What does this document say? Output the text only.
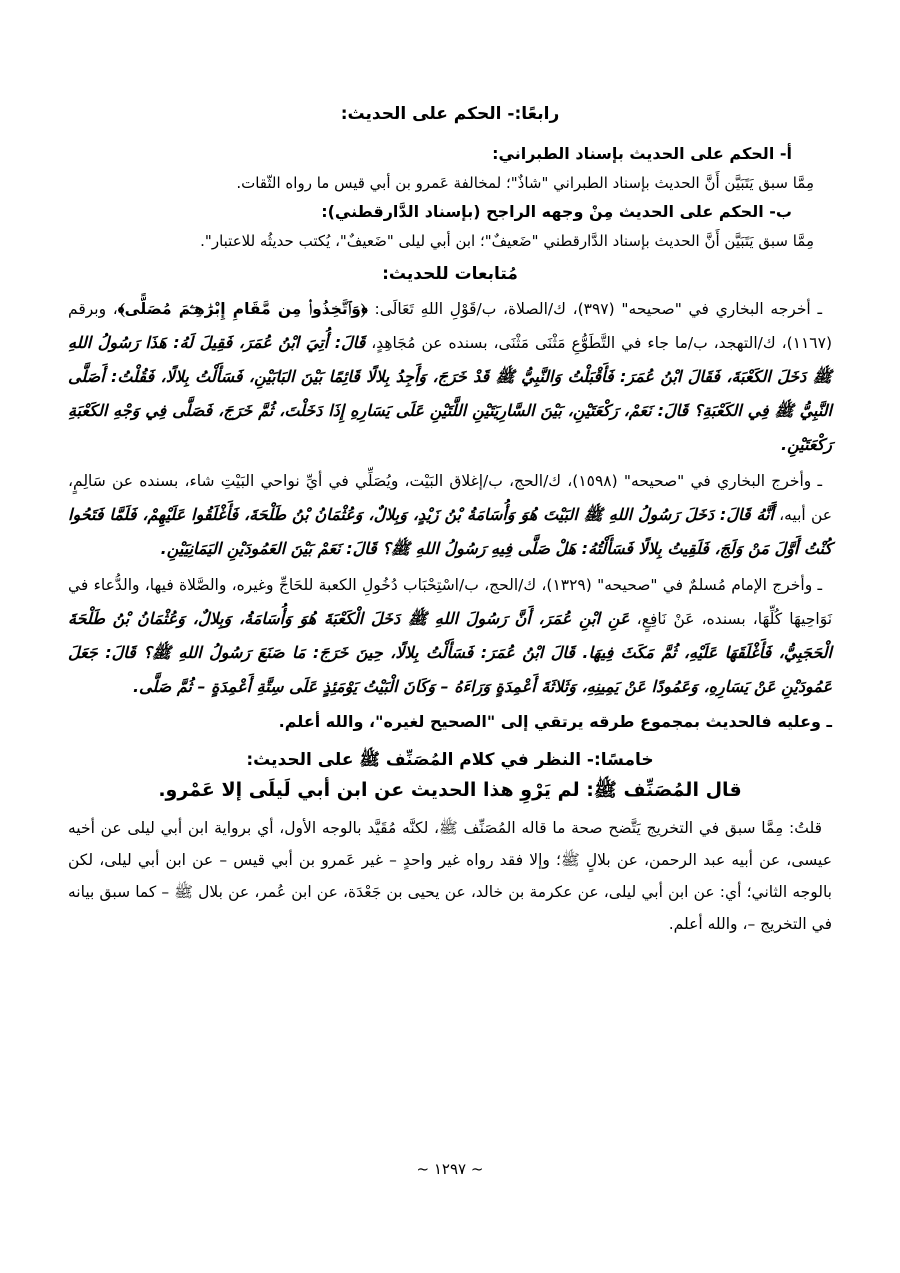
رابعًا:- الحكم على الحديث:

أ- الحكم على الحديث بإسناد الطبراني:

مِمَّا سبق يَتَبَيَّن أَنَّ الحديث بإسناد الطبراني "شاذٌ"؛ لمخالفة عَمرو بن أبي قيس ما رواه الثّقات.

ب- الحكم على الحديث مِنْ وجهه الراجح (بإسناد الدَّارقطني):

مِمَّا سبق يَتَبَيَّن أَنَّ الحديث بإسناد الدَّارقطني "ضَعيفٌ"؛ ابن أبي ليلى "ضَعيفٌ"، يُكتب حديثُه للاعتبار".

مُتابعات للحديث:

ـ أخرجه البخاري في "صحيحه" (٣٩٧)، ك/الصلاة، ب/قَوْلِ اللهِ تَعَالَى: ﴿وَٱتَّخِذُوا۟ مِن مَّقَامِ إِبْرَٰهِـۧمَ مُصَلًّى﴾، وبرقم (١١٦٧)، ك/التهجد، ب/ما جاء في التَّطَوُّعِ مَثْنَى مَثْنَى، بسنده عن مُجَاهِدٍ، قَالَ: أُتِيَ ابْنُ عُمَرَ، فَقِيلَ لَهُ: هَذَا رَسُولُ اللهِ ﷺ دَخَلَ الكَعْبَةَ، فَقَالَ ابْنُ عُمَرَ: فَأَقْبَلْتُ وَالنَّبِيُّ ﷺ قَدْ خَرَجَ، وَأَجِدُ بِلالًا قَائِمًا بَيْنَ البَابَيْنِ، فَسَأَلْتُ بِلالًا، فَقُلْتُ: أَصَلَّى النَّبِيُّ ﷺ فِي الكَعْبَةِ؟ قَالَ: نَعَمْ، رَكْعَتَيْنِ، بَيْنَ السَّارِيَتَيْنِ اللَّتَيْنِ عَلَى يَسَارِهِ إِذَا دَخَلْتَ، ثُمَّ خَرَجَ، فَصَلَّى فِي وَجْهِ الكَعْبَةِ رَكْعَتَيْنِ.

ـ وأخرج البخاري في "صحيحه" (١٥٩٨)، ك/الحج، ب/إغلاق البَيْت، ويُصَلِّي في أيِّ نواحي البَيْتِ شاء، بسنده عن سَالِمٍ، عن أبيه، أَنَّهُ قَالَ: دَخَلَ رَسُولُ اللهِ ﷺ البَيْتَ هُوَ وَأُسَامَةُ بْنُ زَيْدٍ، وَبِلالٌ، وَعُثْمَانُ بْنُ طَلْحَةَ، فَأَغْلَقُوا عَلَيْهِمْ، فَلَمَّا فَتَحُوا كُنْتُ أَوَّلَ مَنْ وَلَجَ، فَلَقِيتُ بِلالًا فَسَأَلْتُهُ: هَلْ صَلَّى فِيهِ رَسُولُ اللهِ ﷺ؟ قَالَ: نَعَمْ بَيْنَ العَمُودَيْنِ اليَمَانِيَيْنِ.

ـ وأخرج الإمام مُسلمٌ في "صحيحه" (١٣٢٩)، ك/الحج، ب/اسْتِحْبَاب دُخُولِ الكعبة للحَاجِّ وغيره، والصَّلاة فيها، والدُّعاء في نَوَاحِيهَا كُلِّهَا، بسنده، عَنْ نَافِعٍ، عَنِ ابْنِ عُمَرَ، أَنَّ رَسُولَ اللهِ ﷺ دَخَلَ الْكَعْبَةَ هُوَ وَأُسَامَةُ، وَبِلالٌ، وَعُثْمَانُ بْنُ طَلْحَةَ الْحَجَبِيُّ، فَأَغْلَقَهَا عَلَيْهِ، ثُمَّ مَكَثَ فِيهَا. قَالَ ابْنُ عُمَرَ: فَسَأَلْتُ بِلالًا، حِينَ خَرَجَ: مَا صَنَعَ رَسُولُ اللهِ ﷺ؟ قَالَ: جَعَلَ عَمُودَيْنِ عَنْ يَسَارِهِ، وَعَمُودًا عَنْ يَمِينِهِ، وَثَلاثَةَ أَعْمِدَةٍ وَرَاءَهُ – وَكَانَ الْبَيْتُ يَوْمَئِذٍ عَلَى سِتَّةِ أَعْمِدَةٍ – ثُمَّ صَلَّى.

ـ وعليه فالحديث بمجموع طرقه يرتقي إلى "الصحيح لغيره"، والله أعلم.

خامسًا:- النظر في كلام المُصَنِّف ﷺ على الحديث:
قال المُصَنِّف ﷺ: لم يَرْوِ هذا الحديث عن ابن أبي لَيلَى إلا عَمْرو.

قلتُ: مِمَّا سبق في التخريج يَتَّضح صحة ما قاله المُصَنِّف ﷺ، لكنَّه مُقَيَّد بالوجه الأول، أي برواية ابن أبي ليلى عن أخيه عيسى، عن أبيه عبد الرحمن، عن بلالٍ ﷺ؛ وإلا فقد رواه غير واحدٍ – غير عَمرو بن أبي قيس – عن ابن أبي ليلى، لكن بالوجه الثاني؛ أي: عن ابن أبي ليلى، عن عكرمة بن خالد، عن يحيى بن جَعْدَة، عن ابن عُمر، عن بلال ﷺ – كما سبق بيانه في التخريج –، والله أعلم.

~ ١٢٩٧ ~
